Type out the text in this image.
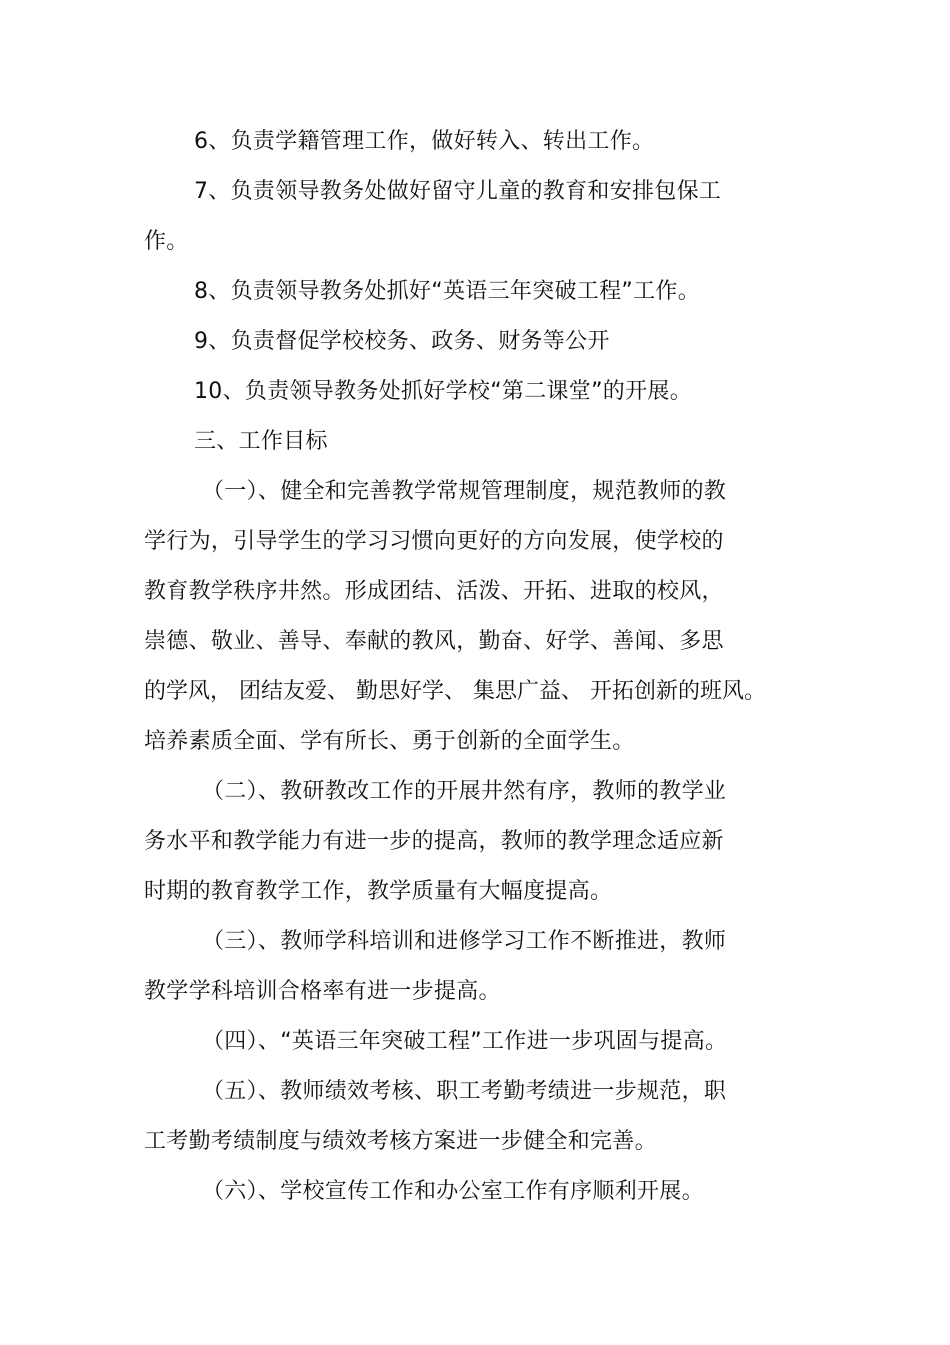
6、负责学籍管理工作，做好转入、转出工作。
7、负责领导教务处做好留守儿童的教育和安排包保工
作。
8、负责领导教务处抓好“英语三年突破工程”工作。
9、负责督促学校校务、政务、财务等公开
10、负责领导教务处抓好学校“第二课堂”的开展。
三、工作目标
（一）、健全和完善教学常规管理制度，规范教师的教
学行为，引导学生的学习习惯向更好的方向发展，使学校的
教育教学秩序井然。形成团结、活泼、开拓、进取的校风，
崇德、敬业、善导、奉献的教风，勤奋、好学、善闻、多思
的学风， 团结友爱、 勤思好学、 集思广益、 开拓创新的班风。
培养素质全面、学有所长、勇于创新的全面学生。
（二）、教研教改工作的开展井然有序，教师的教学业
务水平和教学能力有进一步的提高，教师的教学理念适应新
时期的教育教学工作，教学质量有大幅度提高。
（三）、教师学科培训和进修学习工作不断推进，教师
教学学科培训合格率有进一步提高。
（四）、“英语三年突破工程”工作进一步巩固与提高。
（五）、教师绩效考核、职工考勤考绩进一步规范，职
工考勤考绩制度与绩效考核方案进一步健全和完善。
（六）、学校宣传工作和办公室工作有序顺利开展。
